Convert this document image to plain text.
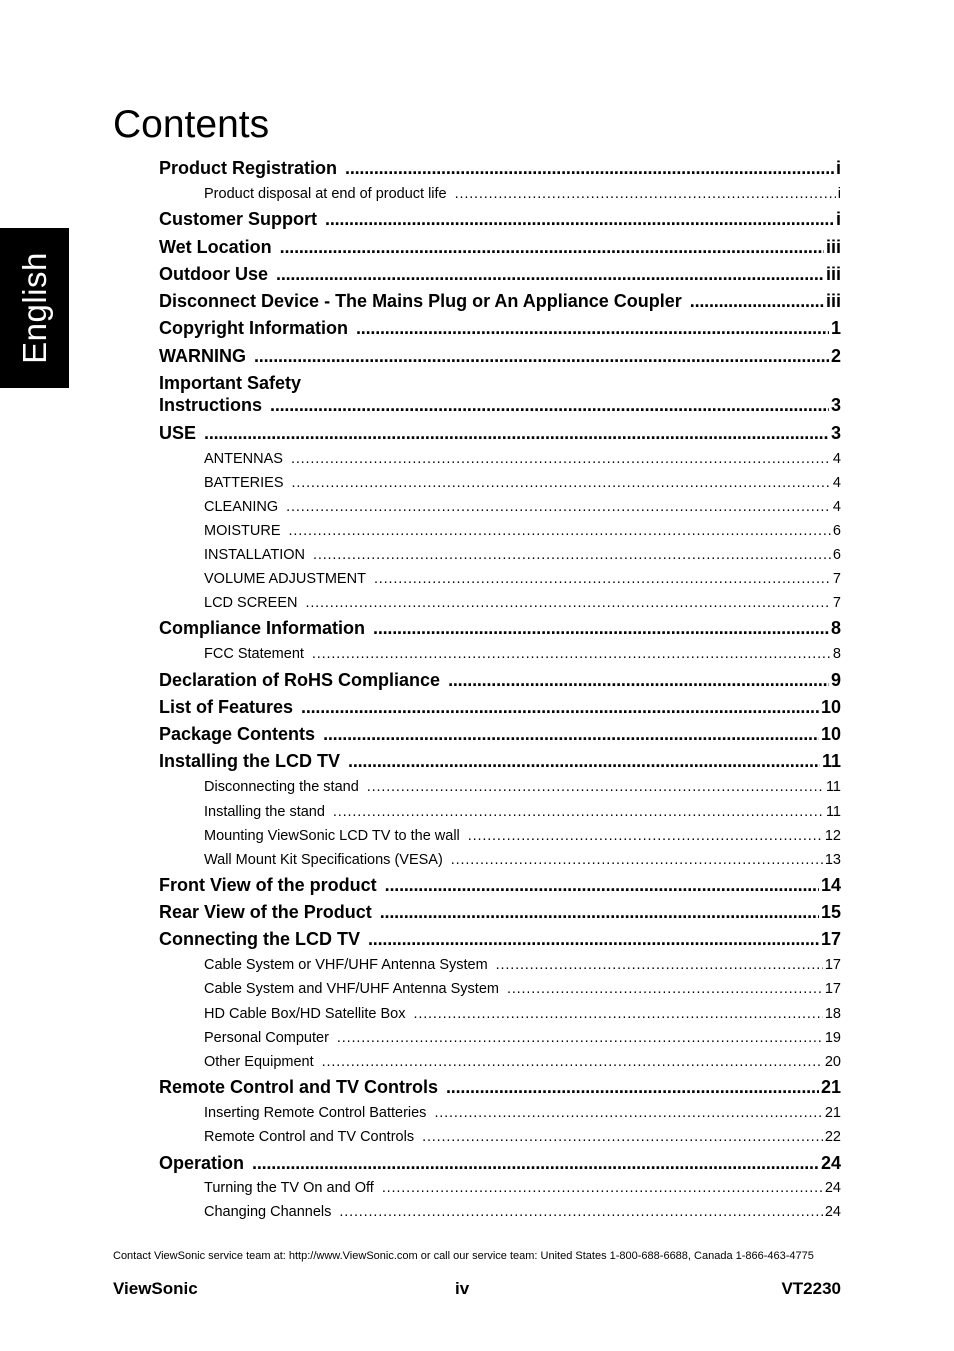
English
Contents
Product Registration . . .	i
Product disposal at end of product life . . .	i
Customer Support . . .	i
Wet Location . . .	iii
Outdoor Use . . .	iii
Disconnect Device - The Mains Plug or An Appliance Coupler . . .	iii
Copyright Information . . .	1
WARNING . . .	2
Important Safety
Instructions . . .	3
USE . . .	3
ANTENNAS . . .	4
BATTERIES . . .	4
CLEANING . . .	4
MOISTURE . . .	6
INSTALLATION . . .	6
VOLUME ADJUSTMENT . . .	7
LCD SCREEN . . .	7
Compliance Information . . .	8
FCC Statement . . .	8
Declaration of RoHS Compliance . . .	9
List of Features . . .	10
Package Contents . . .	10
Installing the LCD TV . . .	11
Disconnecting the stand . . .	11
Installing the stand . . .	11
Mounting ViewSonic LCD TV to the wall . . .	12
Wall Mount Kit Specifications (VESA) . . .	13
Front View of the product . . .	14
Rear View of the Product . . .	15
Connecting the LCD TV . . .	17
Cable System or VHF/UHF Antenna System . . .	17
Cable System and VHF/UHF Antenna System . . .	17
HD Cable Box/HD Satellite Box . . .	18
Personal Computer . . .	19
Other Equipment . . .	20
Remote Control and TV Controls . . .	21
Inserting Remote Control Batteries . . .	21
Remote Control and TV Controls . . .	22
Operation . . .	24
Turning the TV On and Off . . .	24
Changing Channels . . .	24
Contact ViewSonic service team at: http://www.ViewSonic.com or call our service team: United States 1-800-688-6688, Canada 1-866-463-4775
ViewSonic	iv	VT2230
